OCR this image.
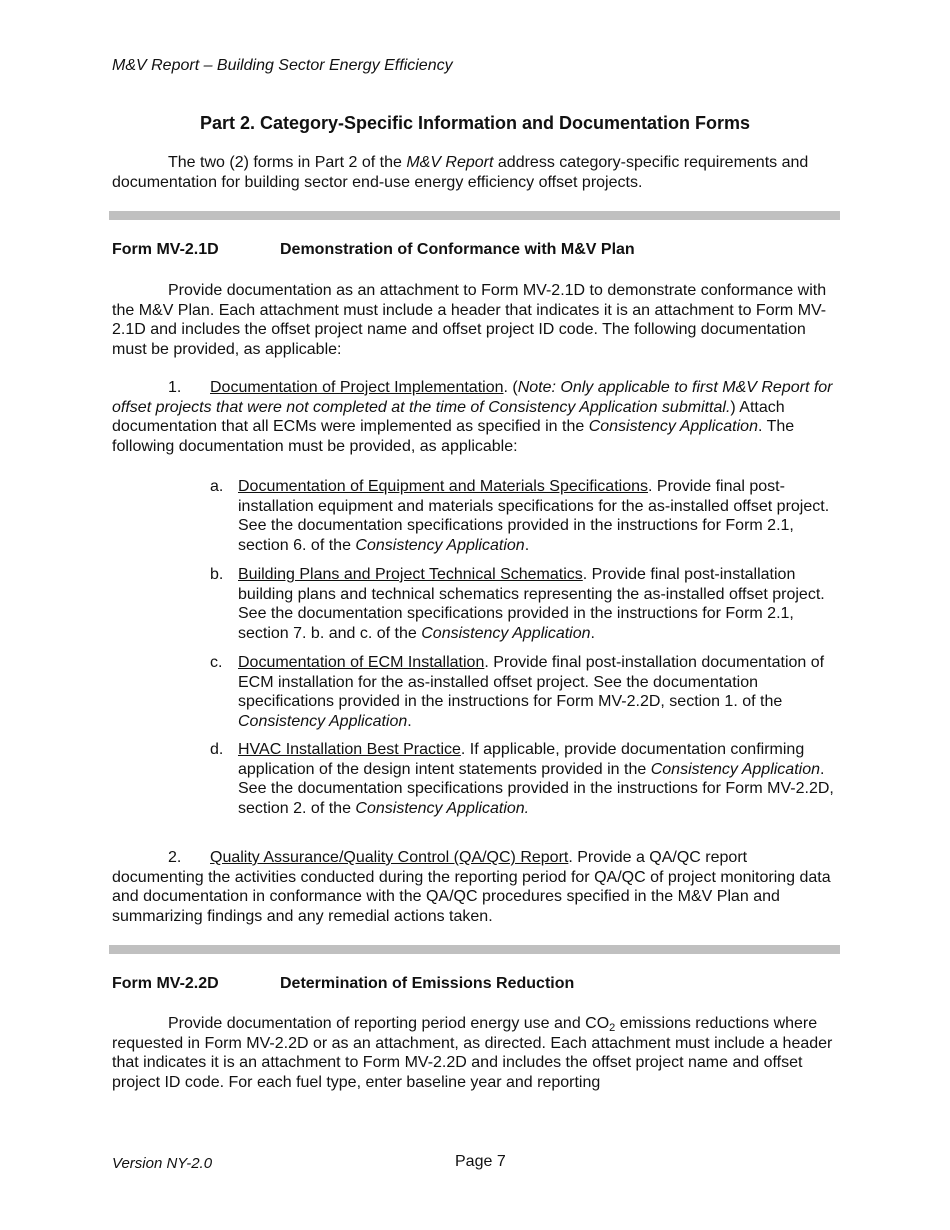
M&V Report – Building Sector Energy Efficiency
Part 2. Category-Specific Information and Documentation Forms

The two (2) forms in Part 2 of the M&V Report address category-specific requirements and documentation for building sector end-use energy efficiency offset projects.

Form MV-2.1D	Demonstration of Conformance with M&V Plan

Provide documentation as an attachment to Form MV-2.1D to demonstrate conformance with the M&V Plan. Each attachment must include a header that indicates it is an attachment to Form MV-2.1D and includes the offset project name and offset project ID code. The following documentation must be provided, as applicable:

1. Documentation of Project Implementation. (Note: Only applicable to first M&V Report for offset projects that were not completed at the time of Consistency Application submittal.) Attach documentation that all ECMs were implemented as specified in the Consistency Application. The following documentation must be provided, as applicable:

a. Documentation of Equipment and Materials Specifications. Provide final post-installation equipment and materials specifications for the as-installed offset project. See the documentation specifications provided in the instructions for Form 2.1, section 6. of the Consistency Application.
b. Building Plans and Project Technical Schematics. Provide final post-installation building plans and technical schematics representing the as-installed offset project. See the documentation specifications provided in the instructions for Form 2.1, section 7. b. and c. of the Consistency Application.
c. Documentation of ECM Installation. Provide final post-installation documentation of ECM installation for the as-installed offset project. See the documentation specifications provided in the instructions for Form MV-2.2D, section 1. of the Consistency Application.
d. HVAC Installation Best Practice. If applicable, provide documentation confirming application of the design intent statements provided in the Consistency Application. See the documentation specifications provided in the instructions for Form MV-2.2D, section 2. of the Consistency Application.

2. Quality Assurance/Quality Control (QA/QC) Report. Provide a QA/QC report documenting the activities conducted during the reporting period for QA/QC of project monitoring data and documentation in conformance with the QA/QC procedures specified in the M&V Plan and summarizing findings and any remedial actions taken.

Form MV-2.2D	Determination of Emissions Reduction

Provide documentation of reporting period energy use and $CO_2$ emissions reductions where requested in Form MV-2.2D or as an attachment, as directed. Each attachment must include a header that indicates it is an attachment to Form MV-2.2D and includes the offset project name and offset project ID code. For each fuel type, enter baseline year and reporting

Version NY-2.0	Page 7
